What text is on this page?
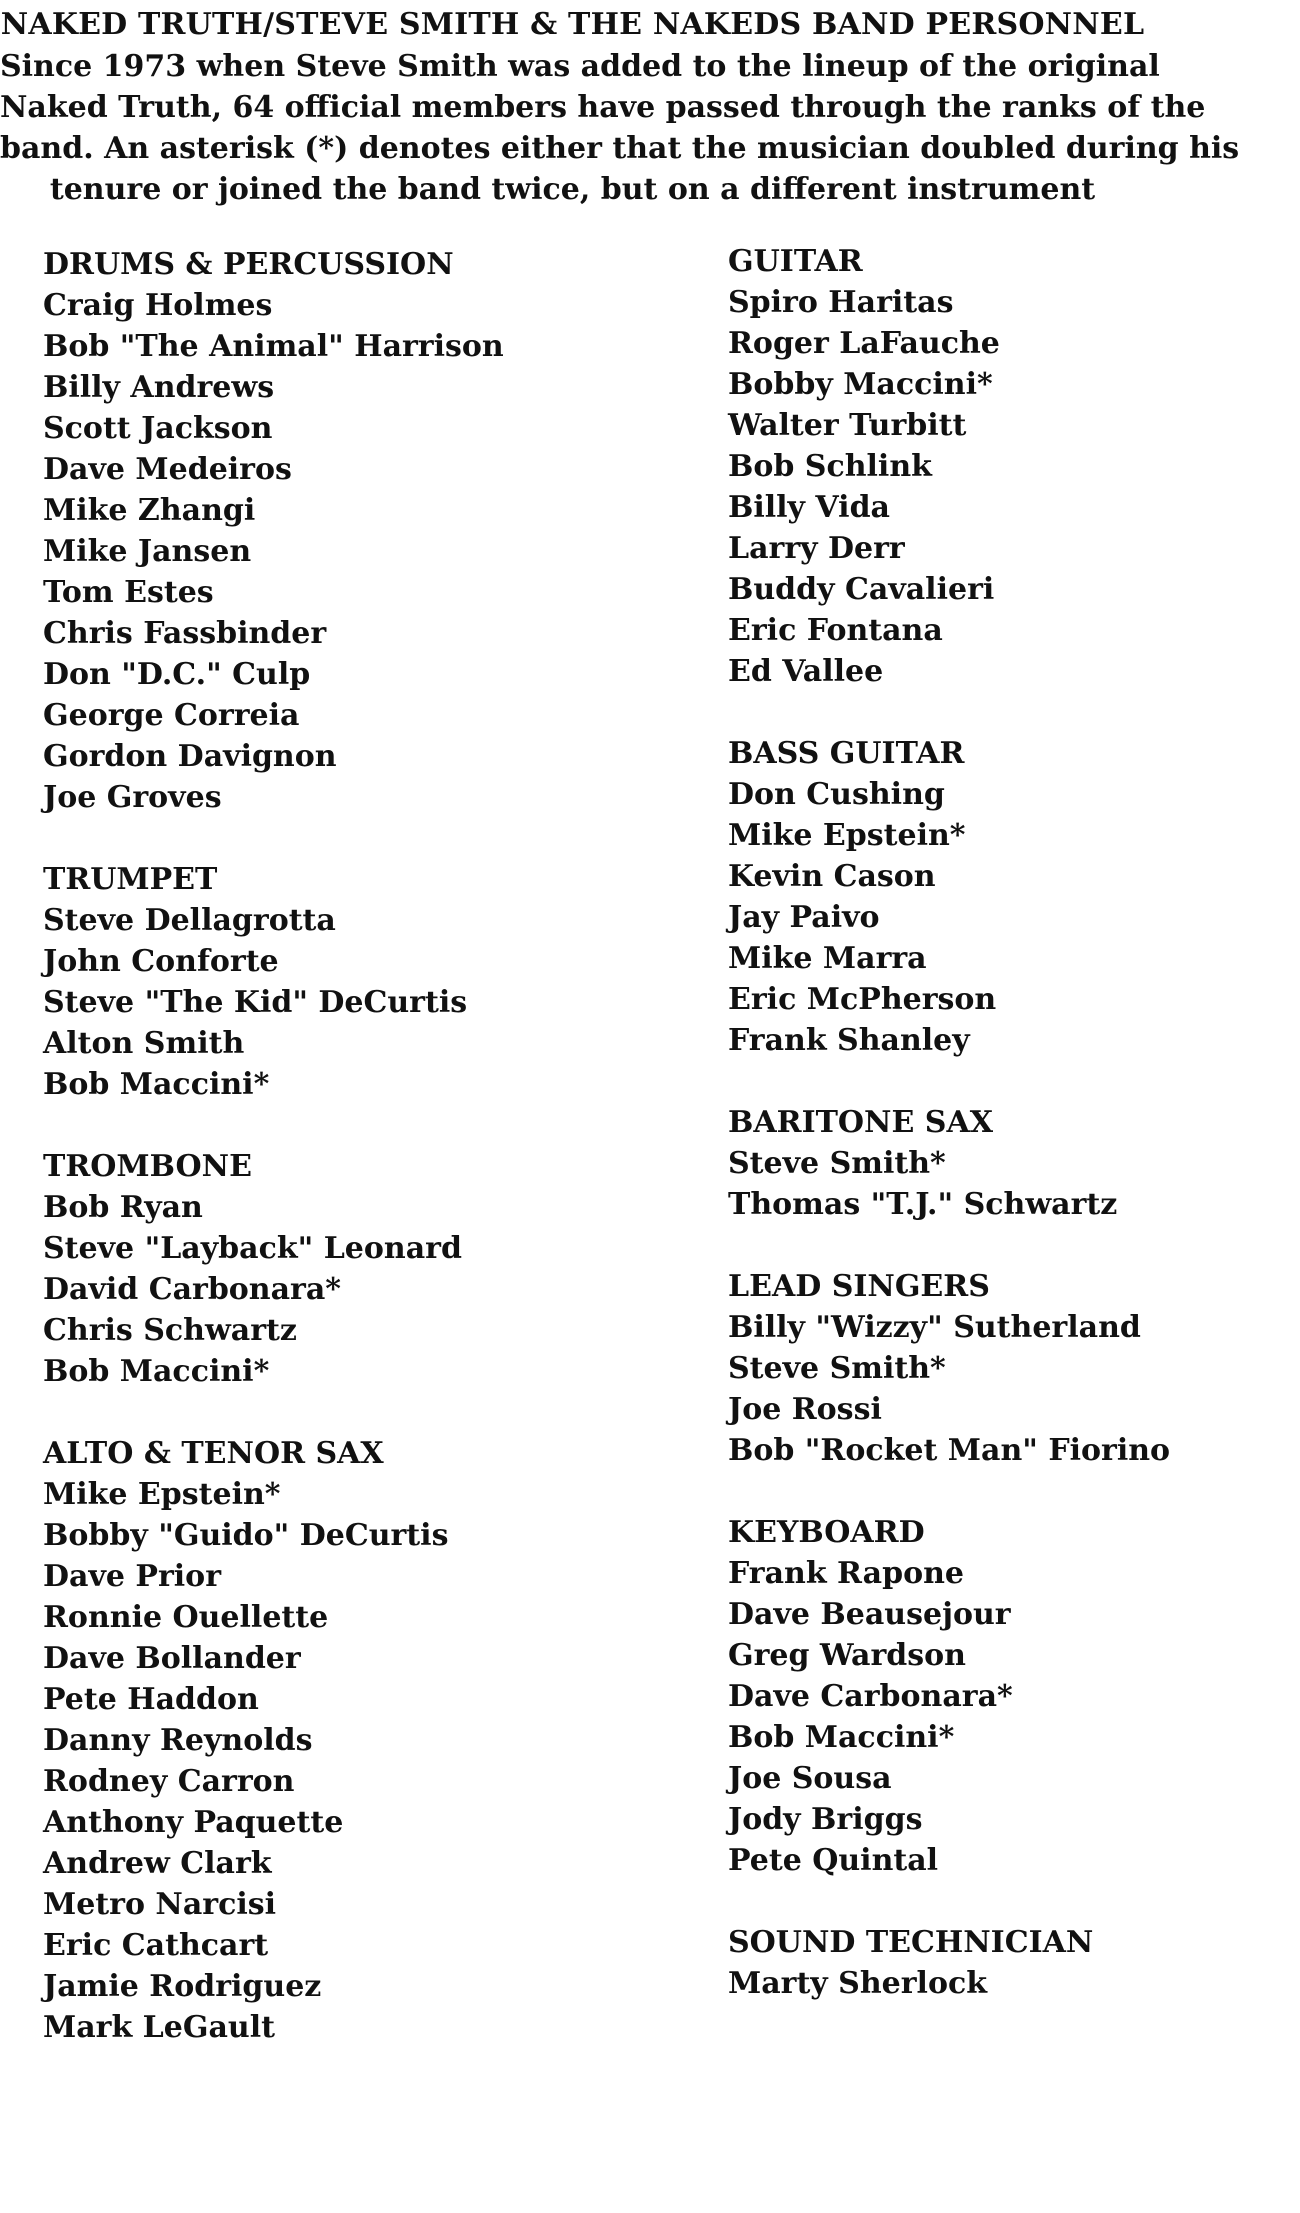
NAKED TRUTH/STEVE SMITH & THE NAKEDS BAND PERSONNEL
Since 1973 when Steve Smith was added to the lineup of the original
Naked Truth, 64 official members have passed through the ranks of the
band. An asterisk (*) denotes either that the musician doubled during his
tenure or joined the band twice, but on a different instrument
DRUMS & PERCUSSION
Craig Holmes
Bob "The Animal" Harrison
Billy Andrews
Scott Jackson
Dave Medeiros
Mike Zhangi
Mike Jansen
Tom Estes
Chris Fassbinder
Don "D.C." Culp
George Correia
Gordon Davignon
Joe Groves
TRUMPET
Steve Dellagrotta
John Conforte
Steve "The Kid" DeCurtis
Alton Smith
Bob Maccini*
TROMBONE
Bob Ryan
Steve "Layback" Leonard
David Carbonara*
Chris Schwartz
Bob Maccini*
ALTO & TENOR SAX
Mike Epstein*
Bobby "Guido" DeCurtis
Dave Prior
Ronnie Ouellette
Dave Bollander
Pete Haddon
Danny Reynolds
Rodney Carron
Anthony Paquette
Andrew Clark
Metro Narcisi
Eric Cathcart
Jamie Rodriguez
Mark LeGault
GUITAR
Spiro Haritas
Roger LaFauche
Bobby Maccini*
Walter Turbitt
Bob Schlink
Billy Vida
Larry Derr
Buddy Cavalieri
Eric Fontana
Ed Vallee
BASS GUITAR
Don Cushing
Mike Epstein*
Kevin Cason
Jay Paivo
Mike Marra
Eric McPherson
Frank Shanley
BARITONE SAX
Steve Smith*
Thomas "T.J." Schwartz
LEAD SINGERS
Billy "Wizzy" Sutherland
Steve Smith*
Joe Rossi
Bob "Rocket Man" Fiorino
KEYBOARD
Frank Rapone
Dave Beausejour
Greg Wardson
Dave Carbonara*
Bob Maccini*
Joe Sousa
Jody Briggs
Pete Quintal
SOUND TECHNICIAN
Marty Sherlock
